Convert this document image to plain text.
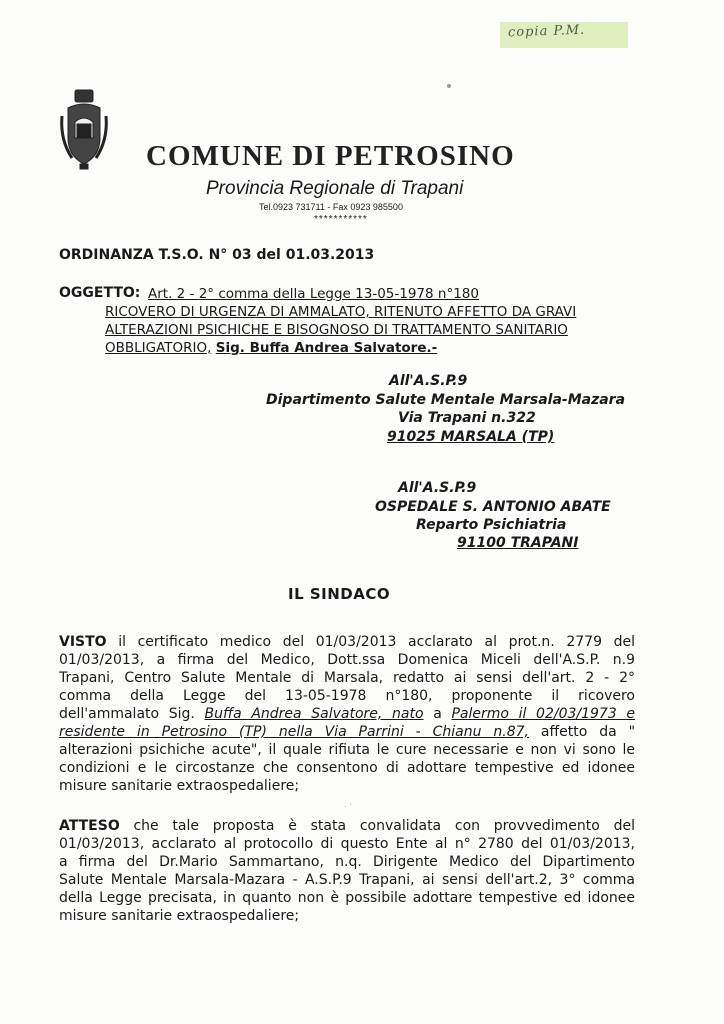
copia P.M.
COMUNE DI PETROSINO
Provincia Regionale di Trapani
Tel.0923 731711 - Fax 0923 985500
***********
ORDINANZA T.S.O. N° 03 del 01.03.2013
OGGETTO: Art. 2 - 2° comma della Legge 13-05-1978 n°180
RICOVERO DI URGENZA DI AMMALATO, RITENUTO AFFETTO DA GRAVI
ALTERAZIONI PSICHICHE E BISOGNOSO DI TRATTAMENTO SANITARIO
OBBLIGATORIO, Sig. Buffa Andrea Salvatore.-
All'A.S.P.9
Dipartimento Salute Mentale Marsala-Mazara
Via Trapani n.322
91025 MARSALA (TP)
All'A.S.P.9
OSPEDALE S. ANTONIO ABATE
Reparto Psichiatria
91100 TRAPANI
IL SINDACO
VISTO il certificato medico del 01/03/2013 acclarato al prot.n. 2779 del
01/03/2013, a firma del Medico, Dott.ssa Domenica Miceli dell'A.S.P. n.9
Trapani, Centro Salute Mentale di Marsala, redatto ai sensi dell'art. 2 - 2°
comma della Legge del 13-05-1978 n°180, proponente il ricovero
dell'ammalato Sig. Buffa Andrea Salvatore, nato a Palermo il 02/03/1973 e
residente in Petrosino (TP) nella Via Parrini - Chianu n.87, affetto da "
alterazioni psichiche acute", il quale rifiuta le cure necessarie e non vi sono le
condizioni e le circostanze che consentono di adottare tempestive ed idonee
misure sanitarie extraospedaliere;
. ·
ATTESO che tale proposta è stata convalidata con provvedimento del
01/03/2013, acclarato al protocollo di questo Ente al n° 2780 del 01/03/2013,
a firma del Dr.Mario Sammartano, n.q. Dirigente Medico del Dipartimento
Salute Mentale Marsala-Mazara - A.S.P.9 Trapani, ai sensi dell'art.2, 3° comma
della Legge precisata, in quanto non è possibile adottare tempestive ed idonee
misure sanitarie extraospedaliere;
